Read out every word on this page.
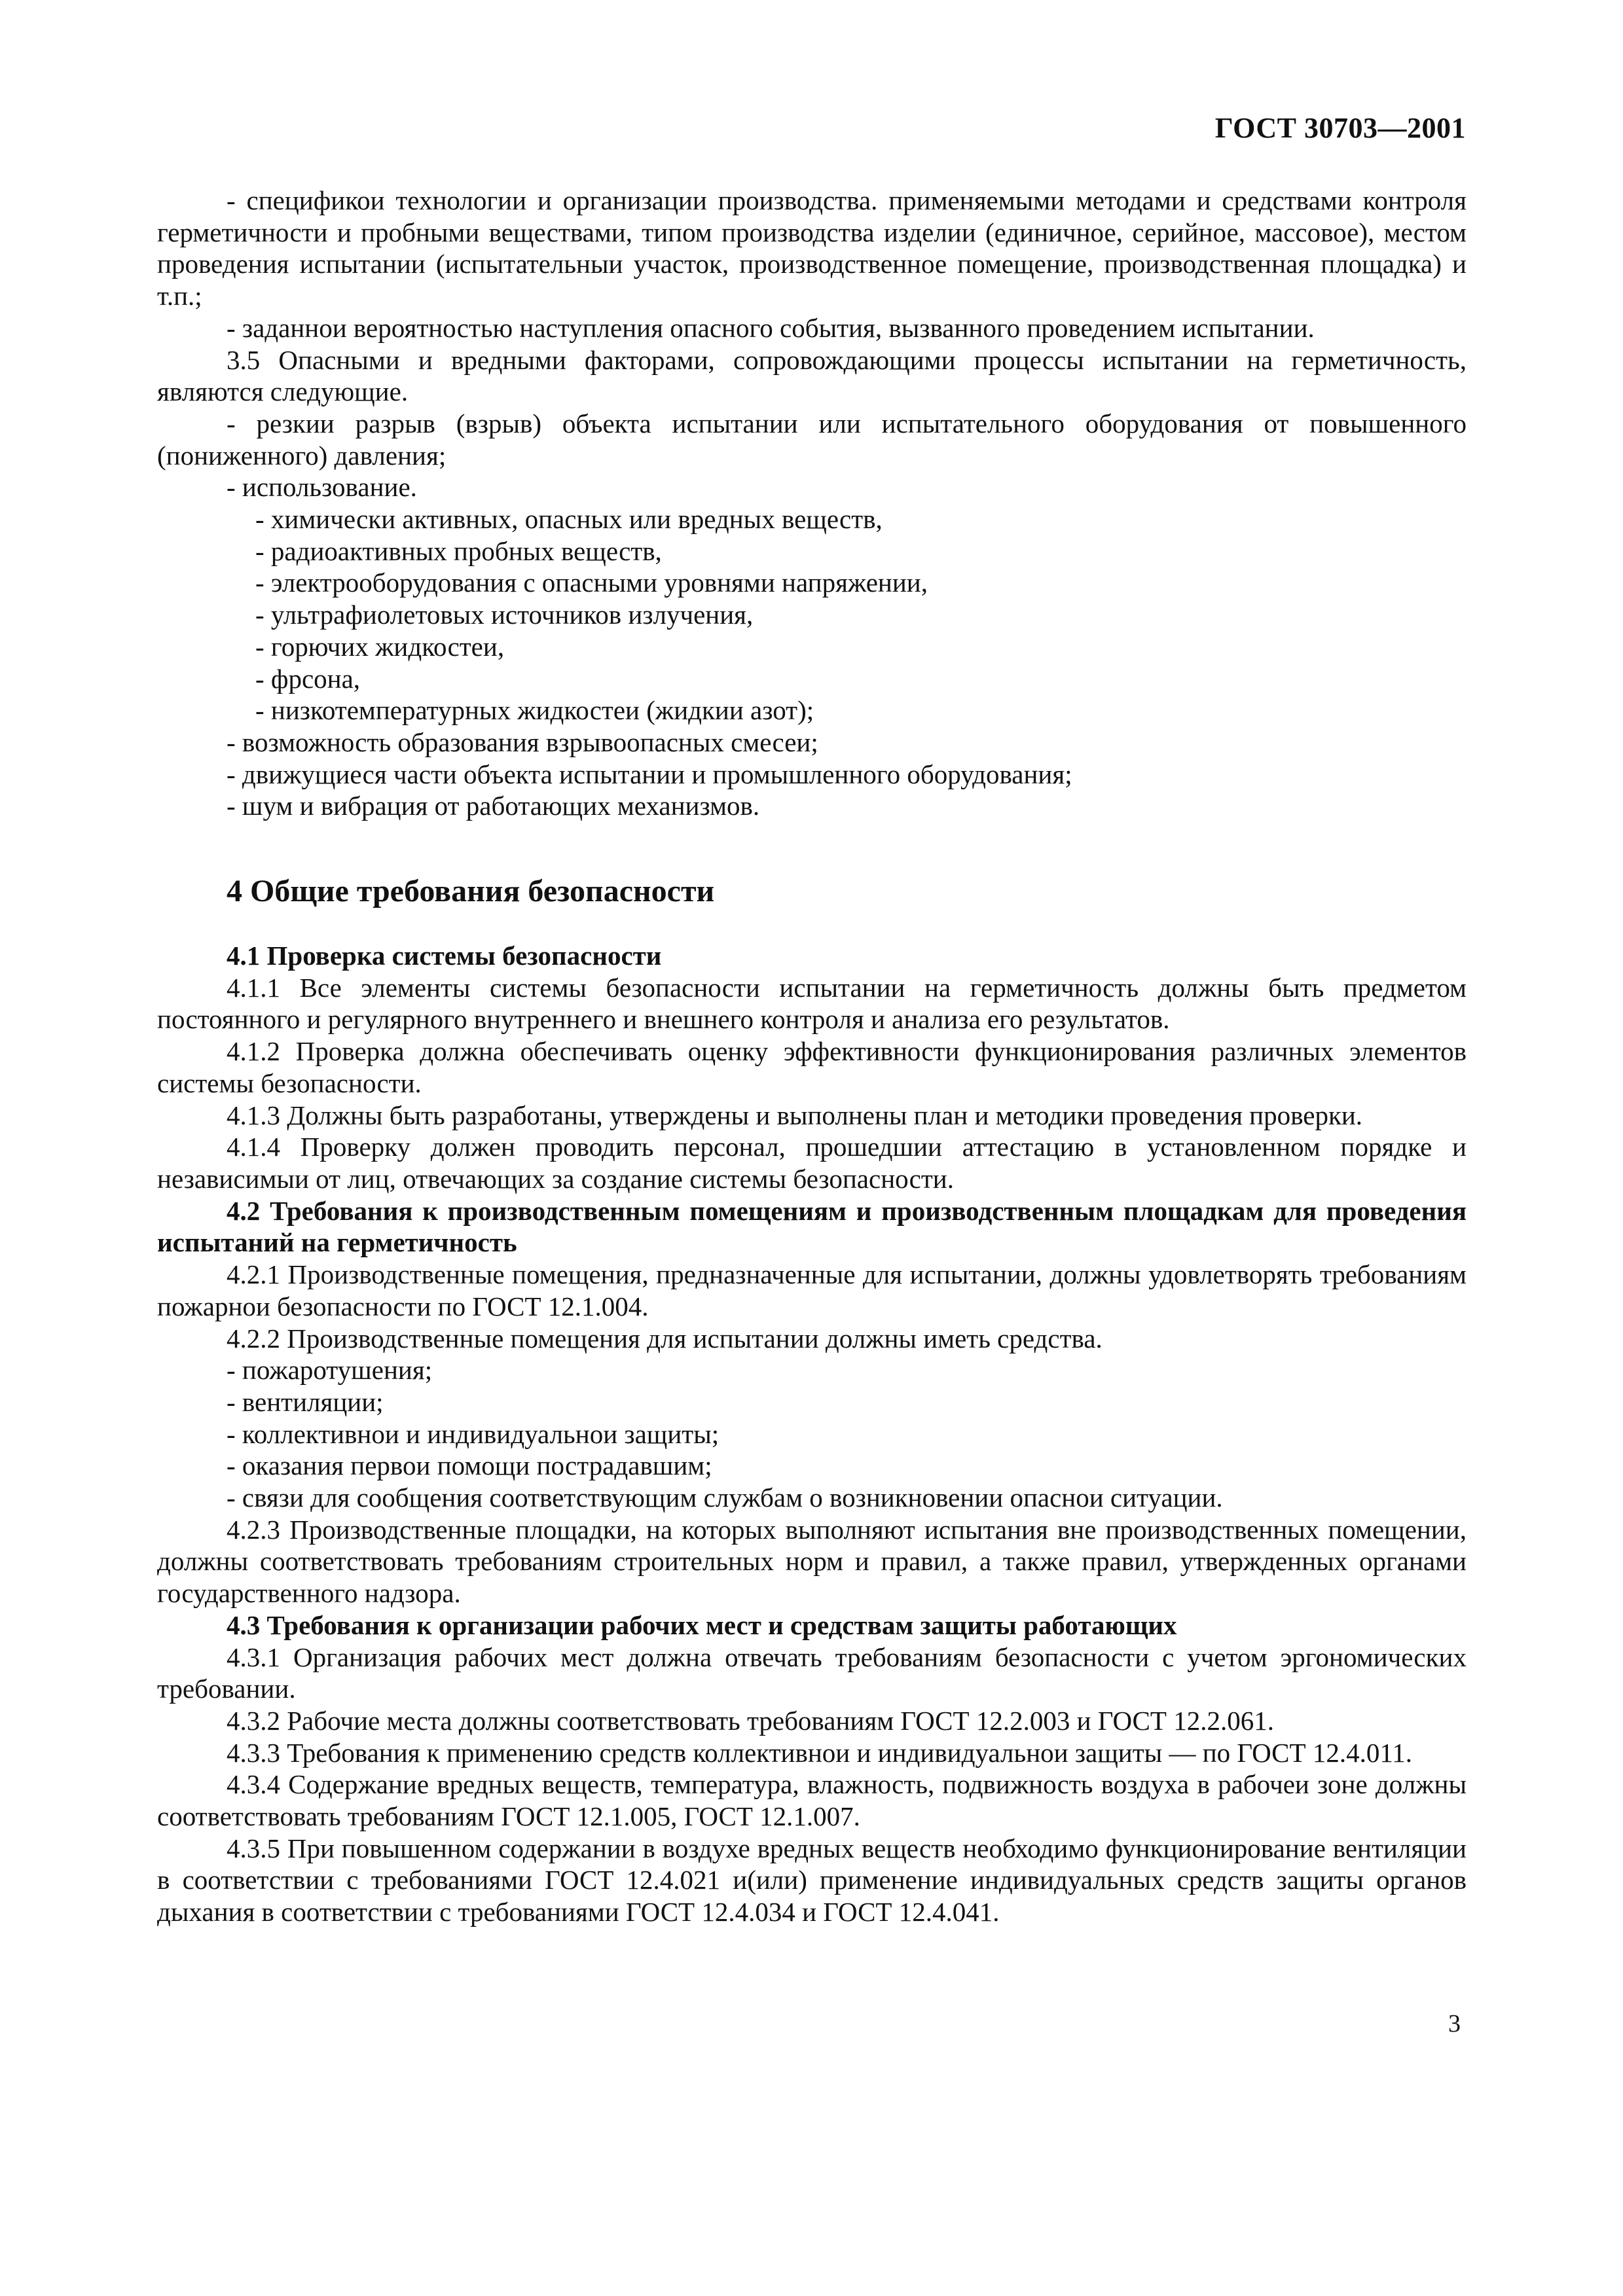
ГОСТ 30703—2001

- спецификои технологии и организации производства. применяемыми методами и средствами контроля герметичности и пробными веществами, типом производства изделии (единичное, серийное, массовое), местом проведения испытании (испытательныи участок, производственное помещение, производственная площадка) и т.п.;

- заданнои вероятностью наступления опасного события, вызванного проведением испытании.

3.5 Опасными и вредными факторами, сопровождающими процессы испытании на герметичность, являются следующие.

- резкии разрыв (взрыв) объекта испытании или испытательного оборудования от повышенного (пониженного) давления;

- использование.

- химически активных, опасных или вредных веществ,

- радиоактивных пробных веществ,

- электрооборудования с опасными уровнями напряжении,

- ультрафиолетовых источников излучения,

- горючих жидкостеи,

- фрсона,

- низкотемпературных жидкостеи (жидкии азот);

- возможность образования взрывоопасных смесеи;

- движущиеся части объекта испытании и промышленного оборудования;

- шум и вибрация от работающих механизмов.

4 Общие требования безопасности

4.1 Проверка системы безопасности

4.1.1 Все элементы системы безопасности испытании на герметичность должны быть предметом постоянного и регулярного внутреннего и внешнего контроля и анализа его результатов.

4.1.2 Проверка должна обеспечивать оценку эффективности функционирования различных элементов системы безопасности.

4.1.3 Должны быть разработаны, утверждены и выполнены план и методики проведения проверки.

4.1.4 Проверку должен проводить персонал, прошедшии аттестацию в установленном порядке и независимыи от лиц, отвечающих за создание системы безопасности.

4.2 Требования к производственным помещениям и производственным площадкам для проведения испытаний на герметичность

4.2.1 Производственные помещения, предназначенные для испытании, должны удовлетворять требованиям пожарнои безопасности по ГОСТ 12.1.004.

4.2.2 Производственные помещения для испытании должны иметь средства.

- пожаротушения;

- вентиляции;

- коллективнои и индивидуальнои защиты;

- оказания первои помощи пострадавшим;

- связи для сообщения соответствующим службам о возникновении опаснои ситуации.

4.2.3 Производственные площадки, на которых выполняют испытания вне производственных помещении, должны соответствовать требованиям строительных норм и правил, а также правил, утвержденных органами государственного надзора.

4.3 Требования к организации рабочих мест и средствам защиты работающих

4.3.1 Организация рабочих мест должна отвечать требованиям безопасности с учетом эргономических требовании.

4.3.2 Рабочие места должны соответствовать требованиям ГОСТ 12.2.003 и ГОСТ 12.2.061.

4.3.3 Требования к применению средств коллективнои и индивидуальнои защиты — по ГОСТ 12.4.011.

4.3.4 Содержание вредных веществ, температура, влажность, подвижность воздуха в рабочеи зоне должны соответствовать требованиям ГОСТ 12.1.005, ГОСТ 12.1.007.

4.3.5 При повышенном содержании в воздухе вредных веществ необходимо функционирование вентиляции в соответствии с требованиями ГОСТ 12.4.021 и(или) применение индивидуальных средств защиты органов дыхания в соответствии с требованиями ГОСТ 12.4.034 и ГОСТ 12.4.041.

3
